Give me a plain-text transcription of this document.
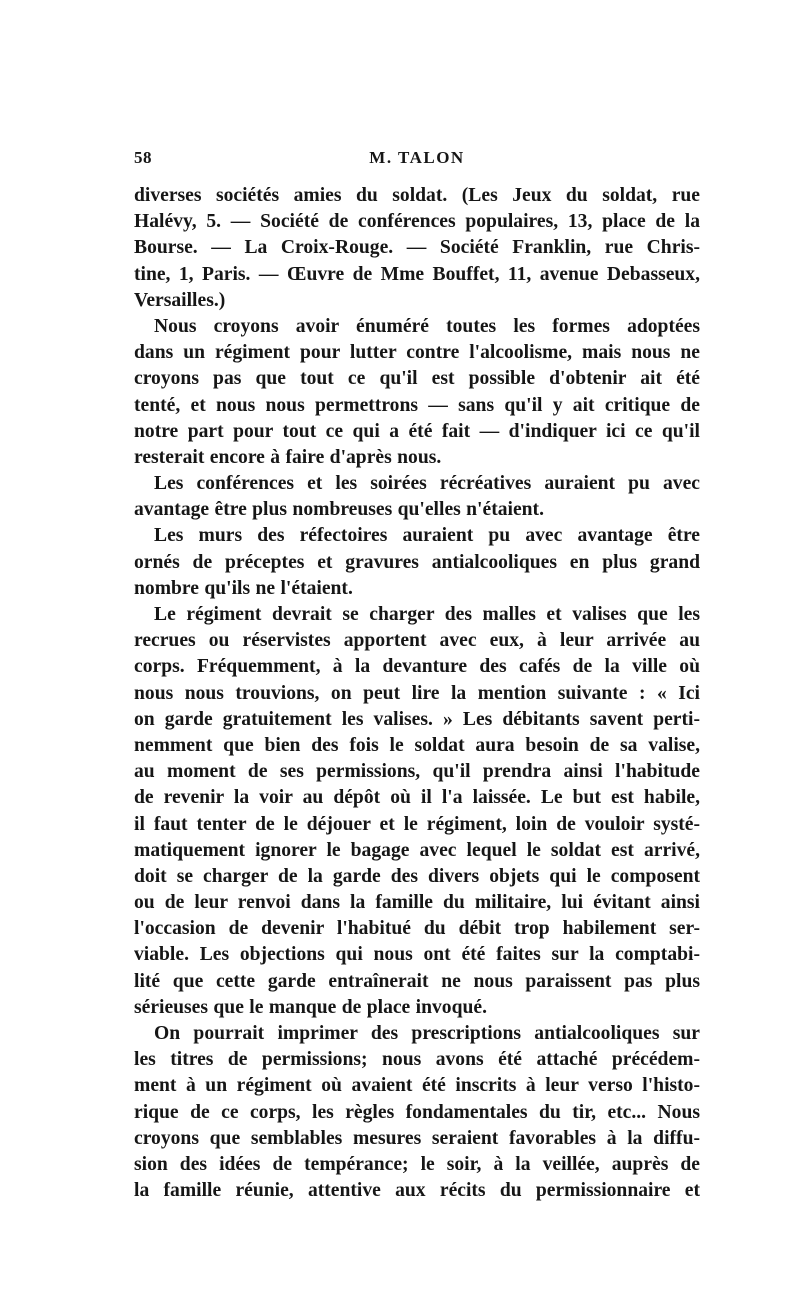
58	M. TALON
diverses sociétés amies du soldat. (Les Jeux du soldat, rue
Halévy, 5. — Société de conférences populaires, 13, place de la
Bourse. — La Croix-Rouge. — Société Franklin, rue Chris-
tine, 1, Paris. — Œuvre de Mme Bouffet, 11, avenue Debasseux,
Versailles.)
Nous croyons avoir énuméré toutes les formes adoptées
dans un régiment pour lutter contre l'alcoolisme, mais nous ne
croyons pas que tout ce qu'il est possible d'obtenir ait été
tenté, et nous nous permettrons — sans qu'il y ait critique de
notre part pour tout ce qui a été fait — d'indiquer ici ce qu'il
resterait encore à faire d'après nous.
Les conférences et les soirées récréatives auraient pu avec
avantage être plus nombreuses qu'elles n'étaient.
Les murs des réfectoires auraient pu avec avantage être
ornés de préceptes et gravures antialcooliques en plus grand
nombre qu'ils ne l'étaient.
Le régiment devrait se charger des malles et valises que les
recrues ou réservistes apportent avec eux, à leur arrivée au
corps. Fréquemment, à la devanture des cafés de la ville où
nous nous trouvions, on peut lire la mention suivante : « Ici
on garde gratuitement les valises. » Les débitants savent perti-
nemment que bien des fois le soldat aura besoin de sa valise,
au moment de ses permissions, qu'il prendra ainsi l'habitude
de revenir la voir au dépôt où il l'a laissée. Le but est habile,
il faut tenter de le déjouer et le régiment, loin de vouloir systé-
matiquement ignorer le bagage avec lequel le soldat est arrivé,
doit se charger de la garde des divers objets qui le composent
ou de leur renvoi dans la famille du militaire, lui évitant ainsi
l'occasion de devenir l'habitué du débit trop habilement ser-
viable. Les objections qui nous ont été faites sur la comptabi-
lité que cette garde entraînerait ne nous paraissent pas plus
sérieuses que le manque de place invoqué.
On pourrait imprimer des prescriptions antialcooliques sur
les titres de permissions; nous avons été attaché précédem-
ment à un régiment où avaient été inscrits à leur verso l'histo-
rique de ce corps, les règles fondamentales du tir, etc... Nous
croyons que semblables mesures seraient favorables à la diffu-
sion des idées de tempérance; le soir, à la veillée, auprès de
la famille réunie, attentive aux récits du permissionnaire et
